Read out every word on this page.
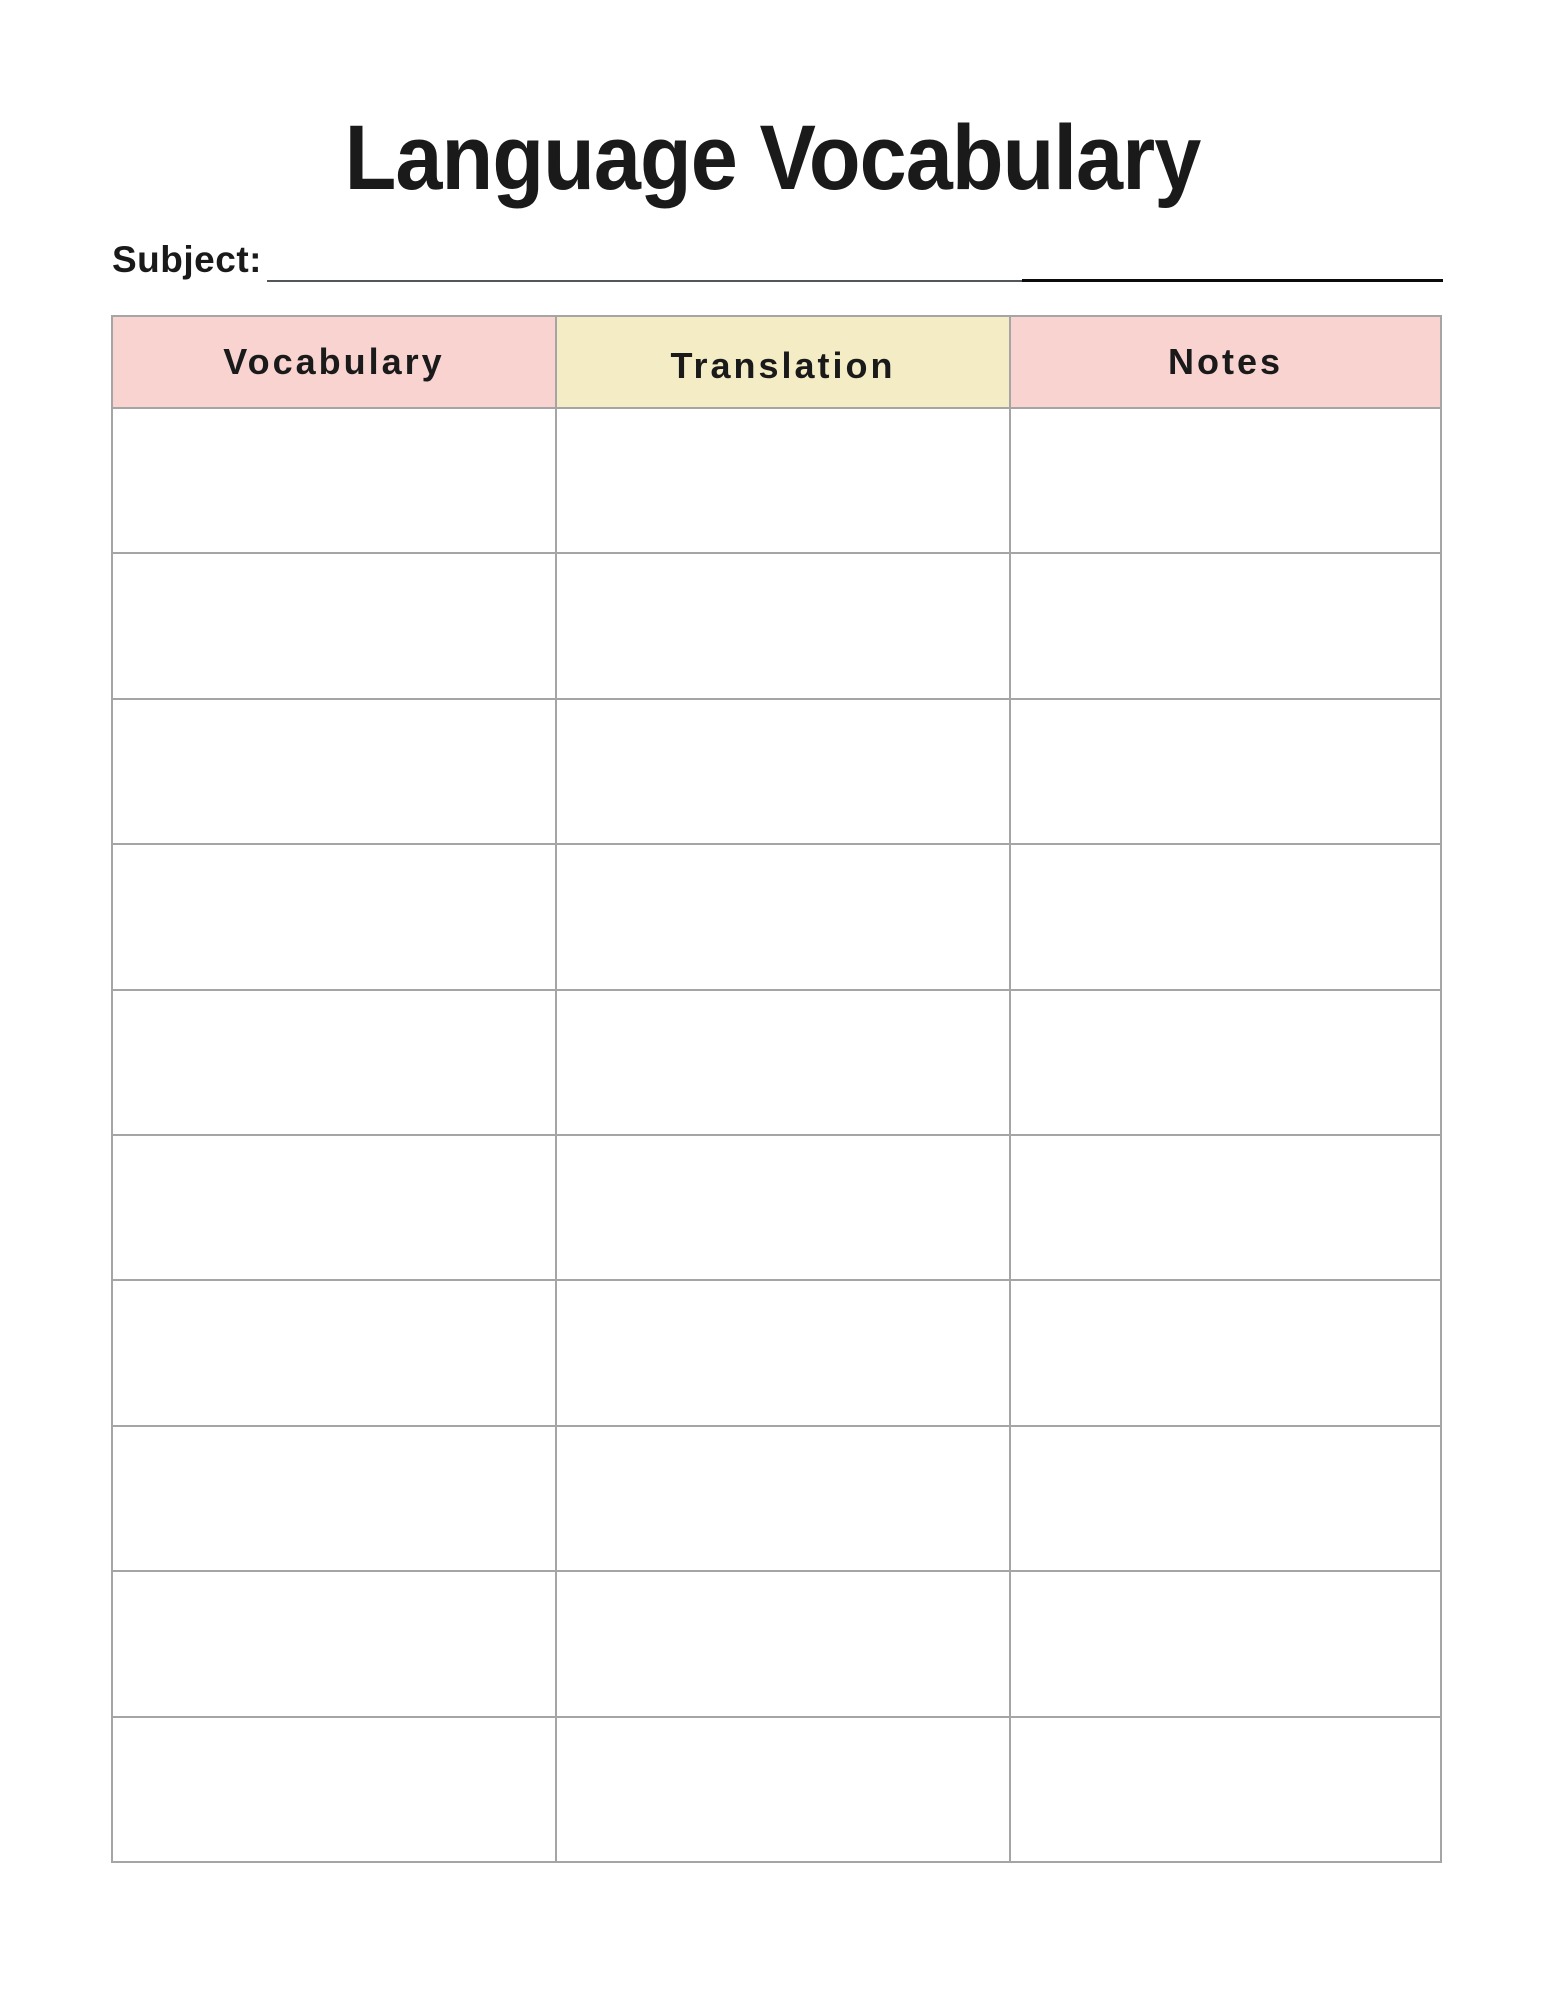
Language Vocabulary
Subject:
Vocabulary	Translation	Notes
